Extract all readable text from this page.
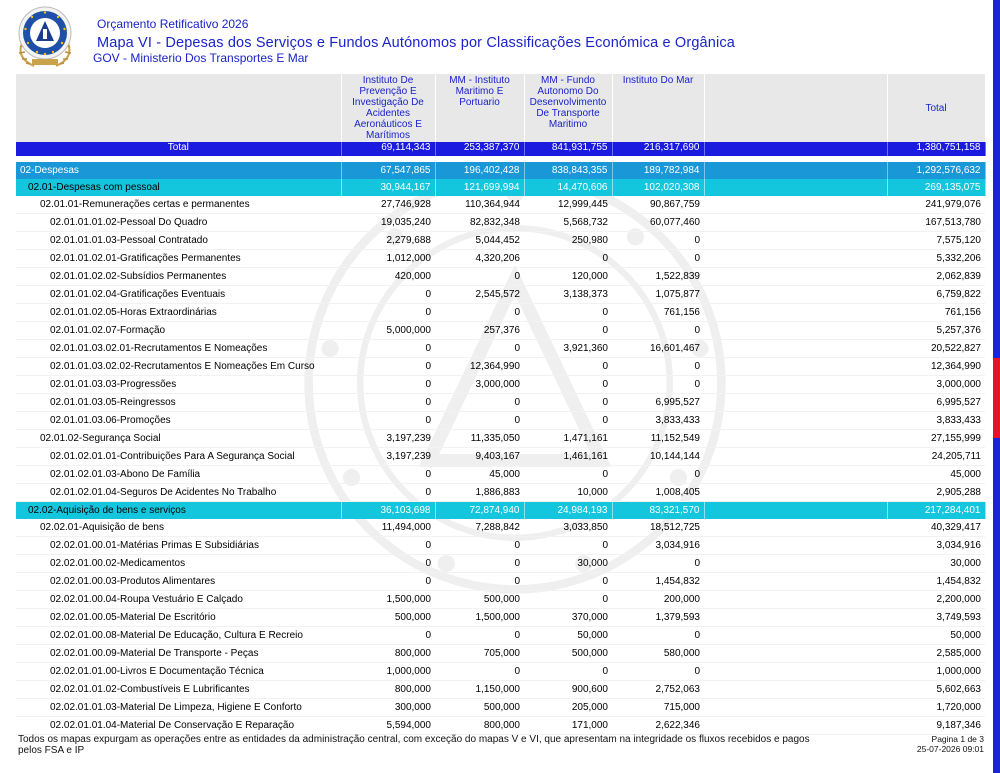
Orçamento Retificativo 2026
Mapa VI - Depesas dos Serviços e Fundos Autónomos por Classificações Económica e Orgânica
GOV - Ministerio Dos Transportes E Mar
	Instituto De Prevenção E Investigação De Acidentes Aeronáuticos E Marítimos	MM - Instituto Maritimo E Portuario	MM - Fundo Autonomo Do Desenvolvimento De Transporte Maritimo	Instituto Do Mar		Total
Total	69,114,343	253,387,370	841,931,755	216,317,690		1,380,751,158

02-Despesas	67,547,865	196,402,428	838,843,355	189,782,984		1,292,576,632
02.01-Despesas com pessoal	30,944,167	121,699,994	14,470,606	102,020,308		269,135,075
02.01.01-Remunerações certas e permanentes	27,746,928	110,364,944	12,999,445	90,867,759		241,979,076
02.01.01.01.02-Pessoal Do Quadro	19,035,240	82,832,348	5,568,732	60,077,460		167,513,780
02.01.01.01.03-Pessoal Contratado	2,279,688	5,044,452	250,980	0		7,575,120
02.01.01.02.01-Gratificações Permanentes	1,012,000	4,320,206	0	0		5,332,206
02.01.01.02.02-Subsídios Permanentes	420,000	0	120,000	1,522,839		2,062,839
02.01.01.02.04-Gratificações Eventuais	0	2,545,572	3,138,373	1,075,877		6,759,822
02.01.01.02.05-Horas Extraordinárias	0	0	0	761,156		761,156
02.01.01.02.07-Formação	5,000,000	257,376	0	0		5,257,376
02.01.01.03.02.01-Recrutamentos E Nomeações	0	0	3,921,360	16,601,467		20,522,827
02.01.01.03.02.02-Recrutamentos E Nomeações Em Curso	0	12,364,990	0	0		12,364,990
02.01.01.03.03-Progressões	0	3,000,000	0	0		3,000,000
02.01.01.03.05-Reingressos	0	0	0	6,995,527		6,995,527
02.01.01.03.06-Promoções	0	0	0	3,833,433		3,833,433
02.01.02-Segurança Social	3,197,239	11,335,050	1,471,161	11,152,549		27,155,999
02.01.02.01.01-Contribuições Para A Segurança Social	3,197,239	9,403,167	1,461,161	10,144,144		24,205,711
02.01.02.01.03-Abono De Família	0	45,000	0	0		45,000
02.01.02.01.04-Seguros De Acidentes No Trabalho	0	1,886,883	10,000	1,008,405		2,905,288
02.02-Aquisição de bens e serviços	36,103,698	72,874,940	24,984,193	83,321,570		217,284,401
02.02.01-Aquisição de bens	11,494,000	7,288,842	3,033,850	18,512,725		40,329,417
02.02.01.00.01-Matérias Primas E Subsidiárias	0	0	0	3,034,916		3,034,916
02.02.01.00.02-Medicamentos	0	0	30,000	0		30,000
02.02.01.00.03-Produtos Alimentares	0	0	0	1,454,832		1,454,832
02.02.01.00.04-Roupa Vestuário E Calçado	1,500,000	500,000	0	200,000		2,200,000
02.02.01.00.05-Material De Escritório	500,000	1,500,000	370,000	1,379,593		3,749,593
02.02.01.00.08-Material De Educação, Cultura E Recreio	0	0	50,000	0		50,000
02.02.01.00.09-Material De Transporte - Peças	800,000	705,000	500,000	580,000		2,585,000
02.02.01.01.00-Livros E Documentação Técnica	1,000,000	0	0	0		1,000,000
02.02.01.01.02-Combustíveis E Lubrificantes	800,000	1,150,000	900,600	2,752,063		5,602,663
02.02.01.01.03-Material De Limpeza, Higiene E Conforto	300,000	500,000	205,000	715,000		1,720,000
02.02.01.01.04-Material De Conservação E Reparação	5,594,000	800,000	171,000	2,622,346		9,187,346
Todos os mapas expurgam as operações entre as entidades da administração central, com exceção do mapas V e VI, que apresentam na integridade os fluxos recebidos e pagos pelos FSA e IP
Pagina 1 de 3
25-07-2026 09:01
